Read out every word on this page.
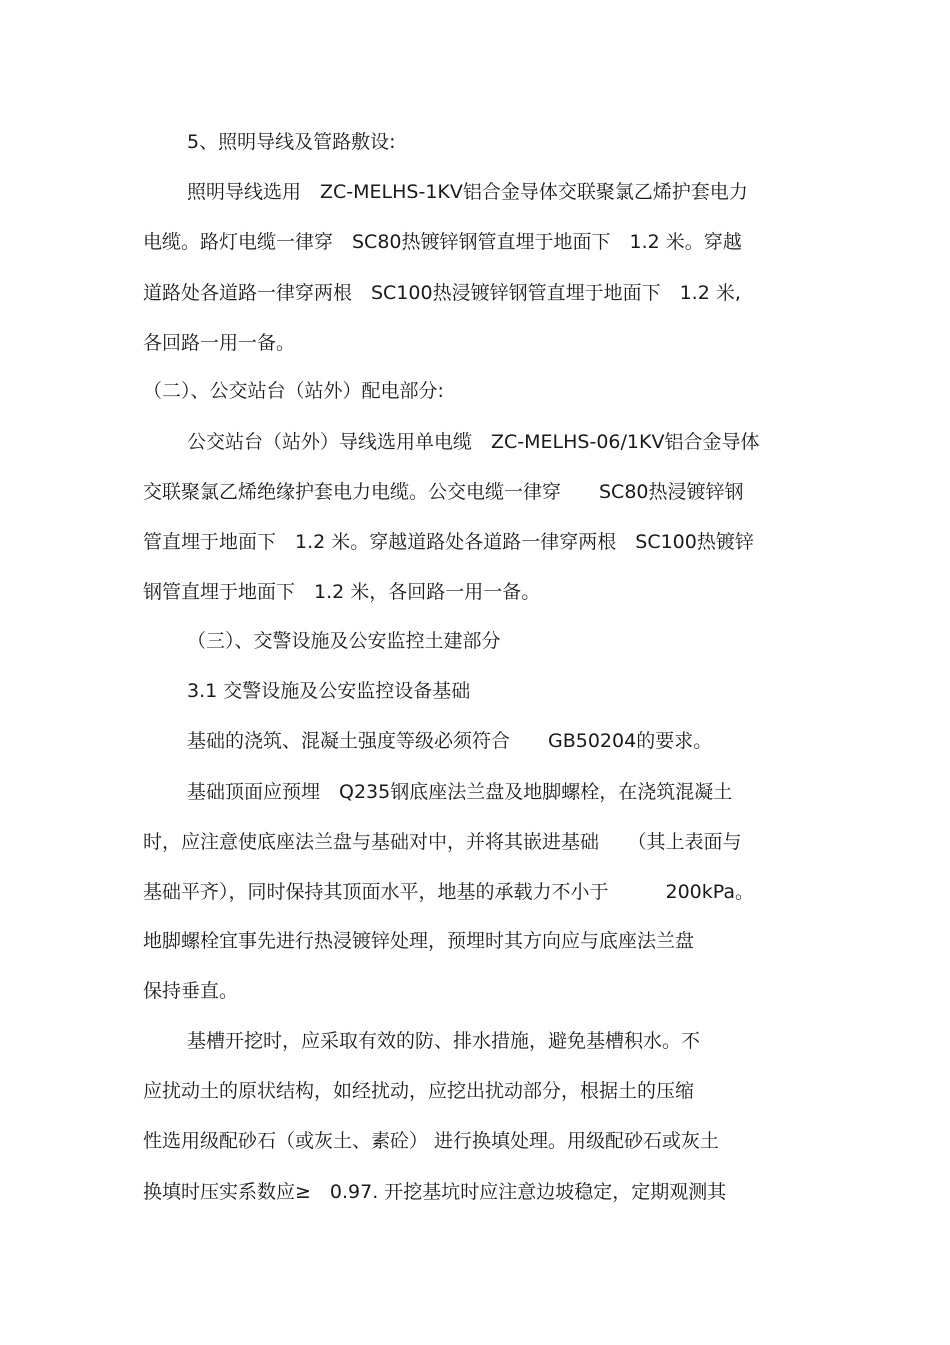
5、照明导线及管路敷设:
照明导线选用　ZC-MELHS-1KV铝合金导体交联聚氯乙烯护套电力
电缆。路灯电缆一律穿　SC80热镀锌钢管直埋于地面下　1.2 米。穿越
道路处各道路一律穿两根　SC100热浸镀锌钢管直埋于地面下　1.2 米,
各回路一用一备。
（二）、公交站台（站外）配电部分:
公交站台（站外）导线选用单电缆　ZC-MELHS-06/1KV铝合金导体
交联聚氯乙烯绝缘护套电力电缆。公交电缆一律穿　　SC80热浸镀锌钢
管直埋于地面下　1.2 米。穿越道路处各道路一律穿两根　SC100热镀锌
钢管直埋于地面下　1.2 米，各回路一用一备。
（三）、交警设施及公安监控土建部分
3.1 交警设施及公安监控设备基础
基础的浇筑、混凝土强度等级必须符合　　GB50204的要求。
基础顶面应预埋　Q235钢底座法兰盘及地脚螺栓，在浇筑混凝土
时，应注意使底座法兰盘与基础对中，并将其嵌进基础　　（其上表面与
基础平齐），同时保持其顶面水平，地基的承载力不小于　　　200kPa。
地脚螺栓宜事先进行热浸镀锌处理，预埋时其方向应与底座法兰盘
保持垂直。
基槽开挖时，应采取有效的防、排水措施，避免基槽积水。不
应扰动土的原状结构，如经扰动，应挖出扰动部分，根据土的压缩
性选用级配砂石（或灰土、素砼） 进行换填处理。用级配砂石或灰土
换填时压实系数应≥　0.97. 开挖基坑时应注意边坡稳定，定期观测其
